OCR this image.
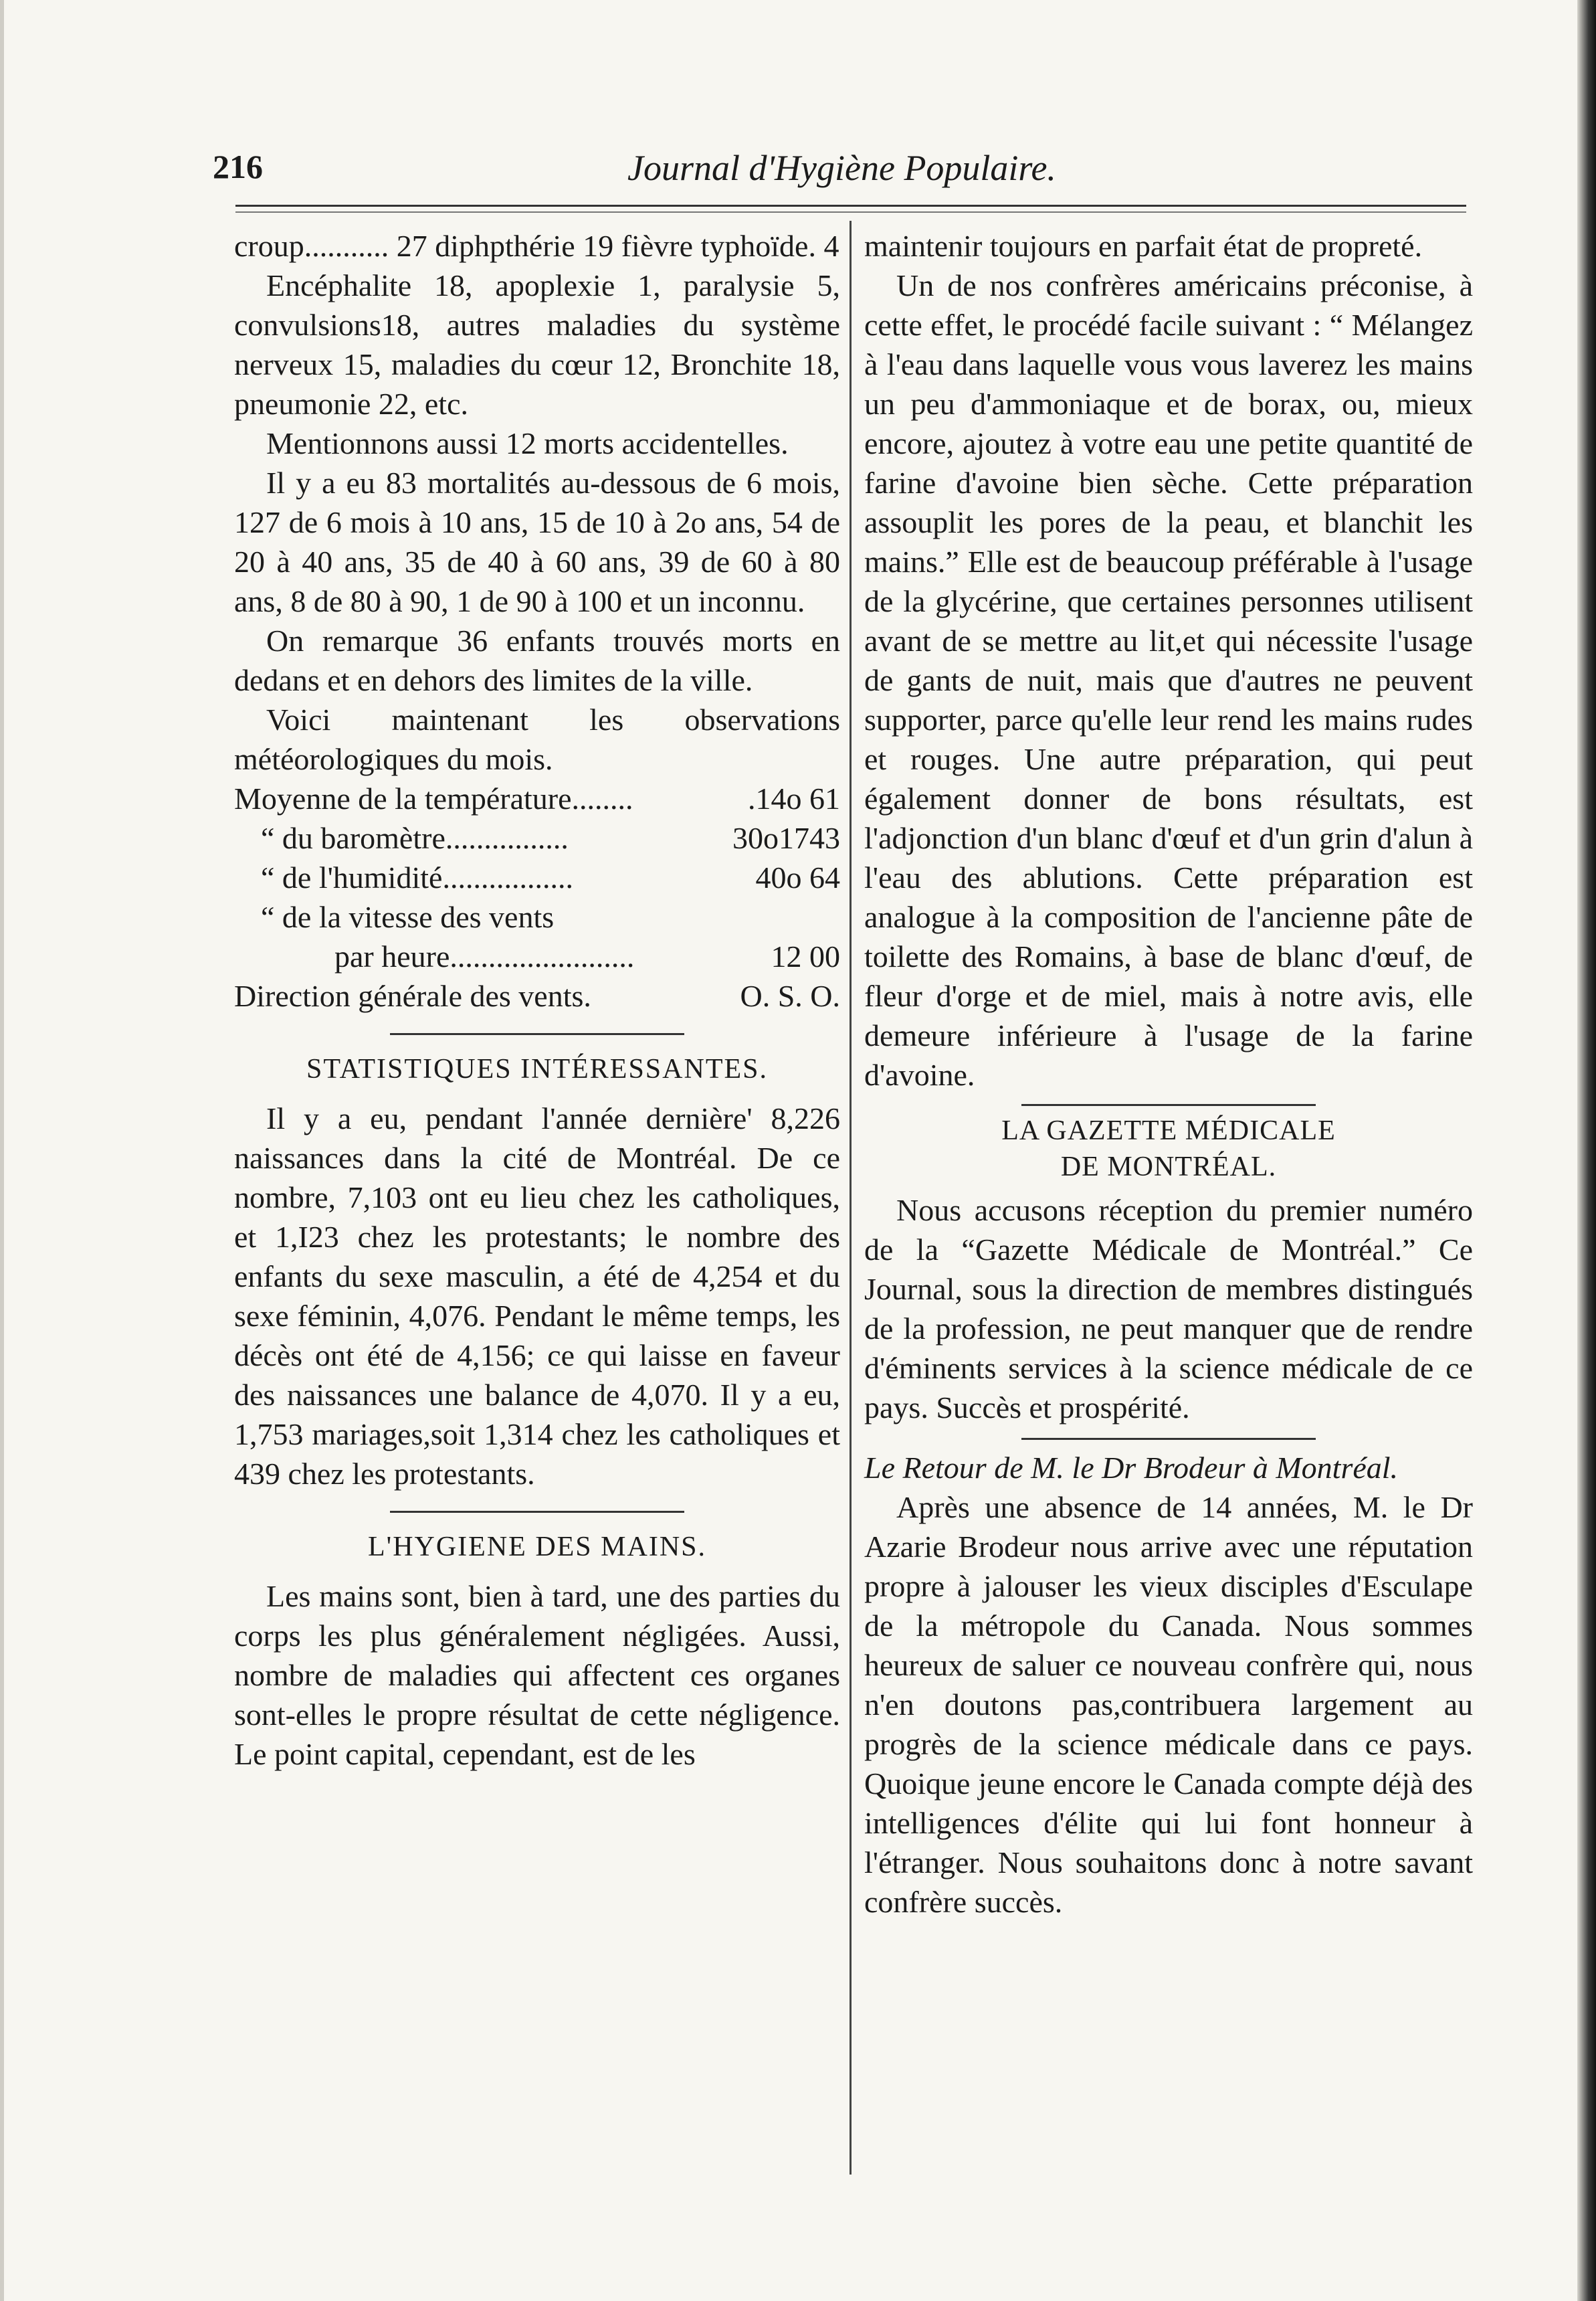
216	Journal d'Hygiène Populaire.

croup........... 27 diphpthérie 19 fièvre typhoïde. 4

Encéphalite 18, apoplexie 1, paralysie 5, convulsions18, autres maladies du système nerveux 15, maladies du cœur 12, Bronchite 18, pneumonie 22, etc.

Mentionnons aussi 12 morts accidentelles.

Il y a eu 83 mortalités au-dessous de 6 mois, 127 de 6 mois à 10 ans, 15 de 10 à 2o ans, 54 de 20 à 40 ans, 35 de 40 à 60 ans, 39 de 60 à 80 ans, 8 de 80 à 90, 1 de 90 à 100 et un inconnu.

On remarque 36 enfants trouvés morts en dedans et en dehors des limites de la ville.

Voici maintenant les observations météorologiques du mois.

Moyenne de la température........	.14o 61
“ du baromètre................	30o1743
“ de l'humidité.................	40o 64
“ de la vitesse des vents
par heure........................	12 00
Direction générale des vents.	O. S. O.
STATISTIQUES INTÉRESSANTES.

Il y a eu, pendant l'année dernière' 8,226 naissances dans la cité de Montréal. De ce nombre, 7,103 ont eu lieu chez les catholiques, et 1,I23 chez les protestants; le nombre des enfants du sexe masculin, a été de 4,254 et du sexe féminin, 4,076. Pendant le même temps, les décès ont été de 4,156; ce qui laisse en faveur des naissances une balance de 4,070. Il y a eu, 1,753 mariages,soit 1,314 chez les catholiques et 439 chez les protestants.

L'HYGIENE DES MAINS.

Les mains sont, bien à tard, une des parties du corps les plus généralement négligées. Aussi, nombre de maladies qui affectent ces organes sont-elles le propre résultat de cette négligence. Le point capital, cependant, est de les

maintenir toujours en parfait état de propreté.

Un de nos confrères américains préconise, à cette effet, le procédé facile suivant : “ Mélangez à l'eau dans laquelle vous vous laverez les mains un peu d'ammoniaque et de borax, ou, mieux encore, ajoutez à votre eau une petite quantité de farine d'avoine bien sèche. Cette préparation assouplit les pores de la peau, et blanchit les mains.” Elle est de beaucoup préférable à l'usage de la glycérine, que certaines personnes utilisent avant de se mettre au lit,et qui nécessite l'usage de gants de nuit, mais que d'autres ne peuvent supporter, parce qu'elle leur rend les mains rudes et rouges. Une autre préparation, qui peut également donner de bons résultats, est l'adjonction d'un blanc d'œuf et d'un grin d'alun à l'eau des ablutions. Cette préparation est analogue à la composition de l'ancienne pâte de toilette des Romains, à base de blanc d'œuf, de fleur d'orge et de miel, mais à notre avis, elle demeure inférieure à l'usage de la farine d'avoine.

LA GAZETTE MÉDICALE
DE MONTRÉAL.

Nous accusons réception du premier numéro de la “Gazette Médicale de Montréal.” Ce Journal, sous la direction de membres distingués de la profession, ne peut manquer que de rendre d'éminents services à la science médicale de ce pays. Succès et prospérité.

Le Retour de M. le Dr Brodeur à Montréal.

Après une absence de 14 années, M. le Dr Azarie Brodeur nous arrive avec une réputation propre à jalouser les vieux disciples d'Esculape de la métropole du Canada. Nous sommes heureux de saluer ce nouveau confrère qui, nous n'en doutons pas,contribuera largement au progrès de la science médicale dans ce pays. Quoique jeune encore le Canada compte déjà des intelligences d'élite qui lui font honneur à l'étranger. Nous souhaitons donc à notre savant confrère succès.
